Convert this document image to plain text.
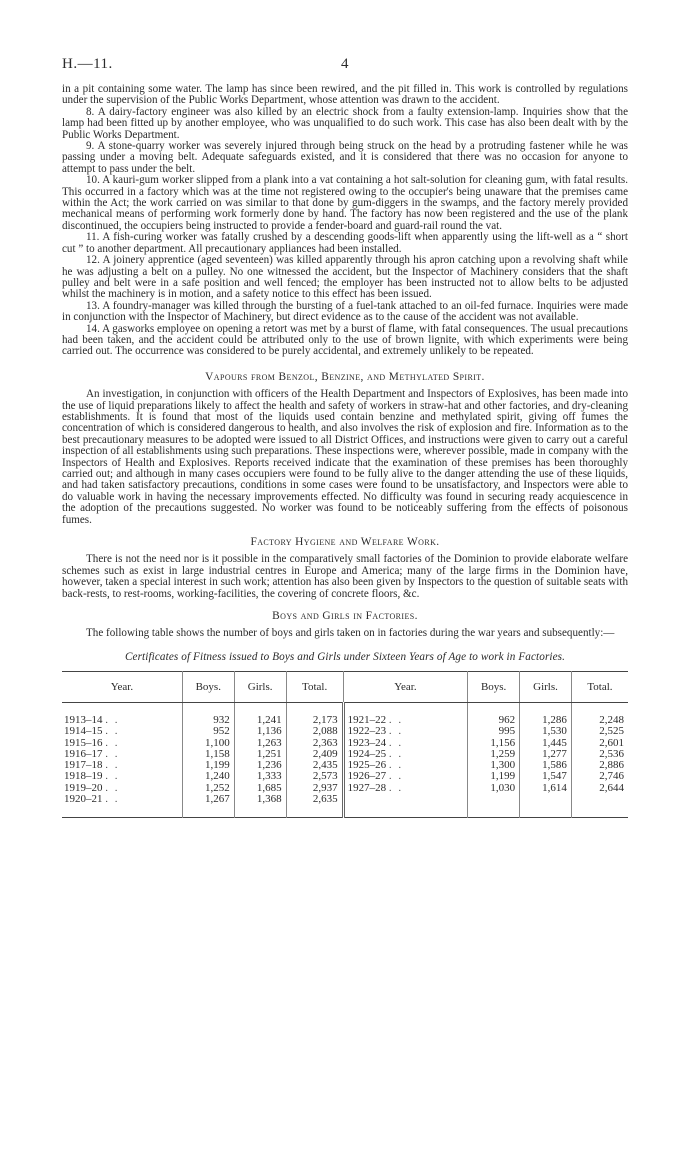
H.—11.	4

in a pit containing some water. The lamp has since been rewired, and the pit filled in. This work is controlled by regulations under the supervision of the Public Works Department, whose attention was drawn to the accident.

8. A dairy-factory engineer was also killed by an electric shock from a faulty extension-lamp. Inquiries show that the lamp had been fitted up by another employee, who was unqualified to do such work. This case has also been dealt with by the Public Works Department.

9. A stone-quarry worker was severely injured through being struck on the head by a protruding fastener while he was passing under a moving belt. Adequate safeguards existed, and it is considered that there was no occasion for anyone to attempt to pass under the belt.

10. A kauri-gum worker slipped from a plank into a vat containing a hot salt-solution for cleaning gum, with fatal results. This occurred in a factory which was at the time not registered owing to the occupier's being unaware that the premises came within the Act; the work carried on was similar to that done by gum-diggers in the swamps, and the factory merely provided mechanical means of performing work formerly done by hand. The factory has now been registered and the use of the plank discontinued, the occupiers being instructed to provide a fender-board and guard-rail round the vat.

11. A fish-curing worker was fatally crushed by a descending goods-lift when apparently using the lift-well as a “ short cut ” to another department. All precautionary appliances had been installed.

12. A joinery apprentice (aged seventeen) was killed apparently through his apron catching upon a revolving shaft while he was adjusting a belt on a pulley. No one witnessed the accident, but the Inspector of Machinery considers that the shaft pulley and belt were in a safe position and well fenced; the employer has been instructed not to allow belts to be adjusted whilst the machinery is in motion, and a safety notice to this effect has been issued.

13. A foundry-manager was killed through the bursting of a fuel-tank attached to an oil-fed furnace. Inquiries were made in conjunction with the Inspector of Machinery, but direct evidence as to the cause of the accident was not available.

14. A gasworks employee on opening a retort was met by a burst of flame, with fatal consequences. The usual precautions had been taken, and the accident could be attributed only to the use of brown lignite, with which experiments were being carried out. The occurrence was considered to be purely accidental, and extremely unlikely to be repeated.

Vapours from Benzol, Benzine, and Methylated Spirit.

An investigation, in conjunction with officers of the Health Department and Inspectors of Explosives, has been made into the use of liquid preparations likely to affect the health and safety of workers in straw-hat and other factories, and dry-cleaning establishments. It is found that most of the liquids used contain benzine and methylated spirit, giving off fumes the concentration of which is considered dangerous to health, and also involves the risk of explosion and fire. Information as to the best precautionary measures to be adopted were issued to all District Offices, and instructions were given to carry out a careful inspection of all establishments using such preparations. These inspections were, wherever possible, made in company with the Inspectors of Health and Explosives. Reports received indicate that the examination of these premises has been thoroughly carried out; and although in many cases occupiers were found to be fully alive to the danger attending the use of these liquids, and had taken satisfactory precautions, conditions in some cases were found to be unsatisfactory, and Inspectors were able to do valuable work in having the necessary improvements effected. No difficulty was found in securing ready acquiescence in the adoption of the precautions suggested. No worker was found to be noticeably suffering from the effects of poisonous fumes.

Factory Hygiene and Welfare Work.

There is not the need nor is it possible in the comparatively small factories of the Dominion to provide elaborate welfare schemes such as exist in large industrial centres in Europe and America; many of the large firms in the Dominion have, however, taken a special interest in such work; attention has also been given by Inspectors to the question of suitable seats with back-rests, to rest-rooms, working-facilities, the covering of concrete floors, &c.

Boys and Girls in Factories.

The following table shows the number of boys and girls taken on in factories during the war years and subsequently:—

Certificates of Fitness issued to Boys and Girls under Sixteen Years of Age to work in Factories.
Year.	Boys.	Girls.	Total.	Year.	Boys.	Girls.	Total.
1913–14 . .	932	1,241	2,173	1921–22 . .	962	1,286	2,248
1914–15 . .	952	1,136	2,088	1922–23 . .	995	1,530	2,525
1915–16 . .	1,100	1,263	2,363	1923–24 . .	1,156	1,445	2,601
1916–17 . .	1,158	1,251	2,409	1924–25 . .	1,259	1,277	2,536
1917–18 . .	1,199	1,236	2,435	1925–26 . .	1,300	1,586	2,886
1918–19 . .	1,240	1,333	2,573	1926–27 . .	1,199	1,547	2,746
1919–20 . .	1,252	1,685	2,937	1927–28 . .	1,030	1,614	2,644
1920–21 . .	1,267	1,368	2,635				
